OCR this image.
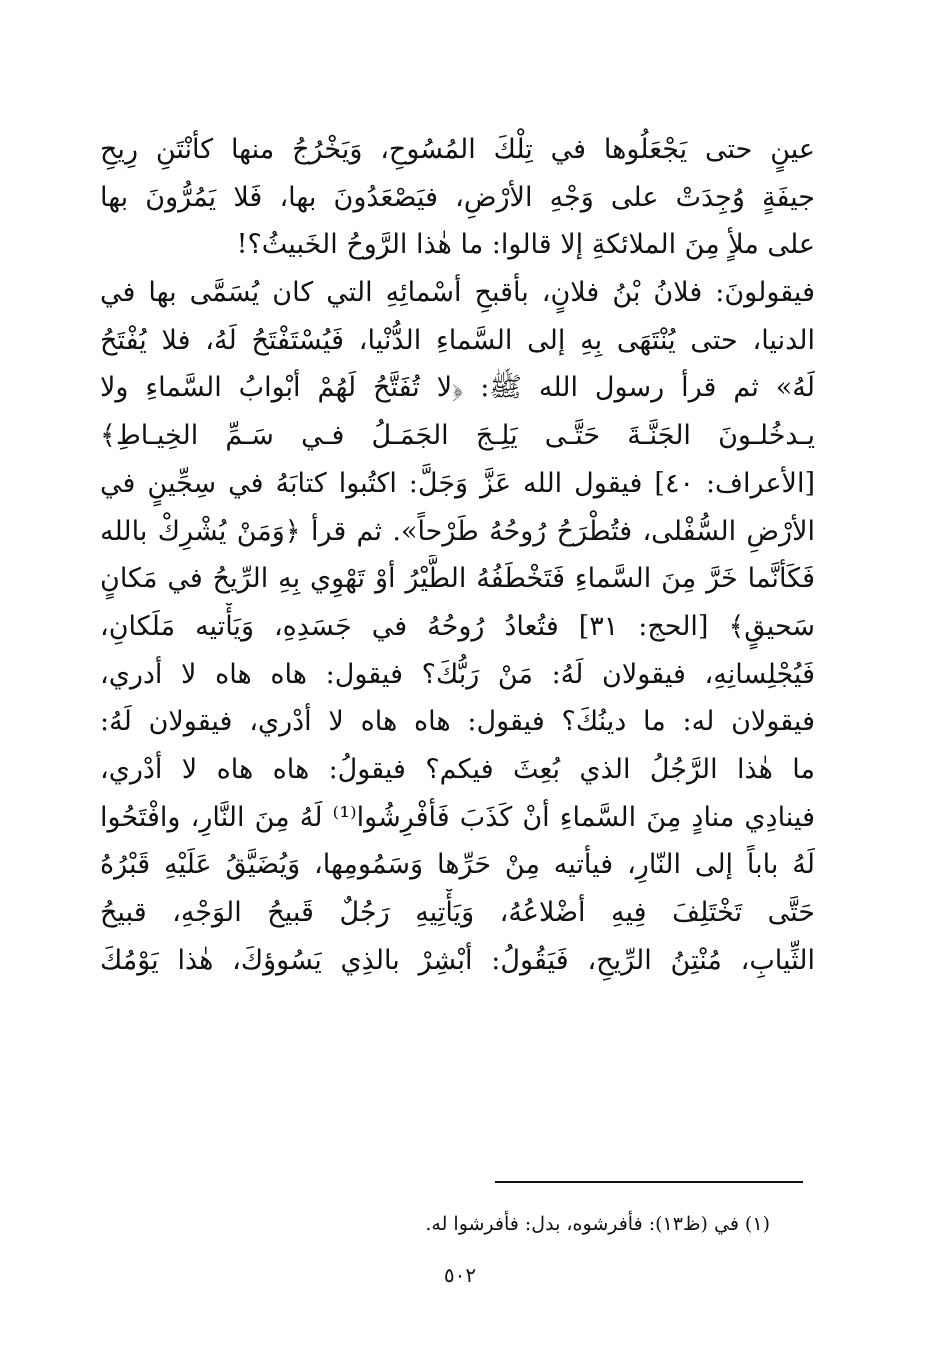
عينٍ حتى يَجْعَلُوها في تِلْكَ المُسُوحِ، وَيَخْرُجُ منها كأنْتَنِ رِيحِ
جيفَةٍ وُجِدَتْ على وَجْهِ الأرْضِ، فيَصْعَدُونَ بها، فَلا يَمُرُّونَ بها
على ملأٍ مِنَ الملائكةِ إلا قالوا: ما هٰذا الرَّوحُ الخَبيثُ؟!
فيقولونَ: فلانُ بْنُ فلانٍ، بأقبحِ أسْمائِهِ التي كان يُسَمَّى بها في
الدنيا، حتى يُنْتَهَى بِهِ إلى السَّماءِ الدُّنْيا، فَيُسْتَفْتَحُ لَهُ، فلا يُفْتَحُ
لَهُ» ثم قرأ رسول الله ﷺ: ﴿لا تُفَتَّحُ لَهُمْ أبْوابُ السَّماءِ ولا
يـدخُلـونَ الجَنَّـةَ حَتَّـى يَلِـجَ الجَمَـلُ فـي سَـمِّ الخِيـاطِ﴾
[الأعراف: ٤٠] فيقول الله عَزَّ وَجَلَّ: اكتُبوا كتابَهُ في سِجِّينٍ في
الأرْضِ السُّفْلى، فتُطْرَحُ رُوحُهُ طَرْحاً». ثم قرأ ﴿وَمَنْ يُشْرِكْ بالله
فَكَأنَّما خَرَّ مِنَ السَّماءِ فَتَخْطَفُهُ الطَّيْرُ أوْ تَهْوِي بِهِ الرِّيحُ في مَكانٍ
سَحيقٍ﴾ [الحج: ٣١] فتُعادُ رُوحُهُ في جَسَدِهِ، وَيَأْتيه مَلَكانِ،
فَيُجْلِسانِهِ، فيقولان لَهُ: مَنْ رَبُّكَ؟ فيقول: هاه هاه لا أدري،
فيقولان له: ما دينُكَ؟ فيقول: هاه هاه لا أدْري، فيقولان لَهُ:
ما هٰذا الرَّجُلُ الذي بُعِثَ فيكم؟ فيقولُ: هاه هاه لا أدْري،
فينادِي منادٍ مِنَ السَّماءِ أنْ كَذَبَ فَأفْرِشُوا⁽¹⁾ لَهُ مِنَ النَّارِ، وافْتَحُوا
لَهُ باباً إلى النّارِ، فيأتيه مِنْ حَرِّها وَسَمُومِها، وَيُضَيَّقُ عَلَيْهِ قَبْرُهُ
حَتَّى تَخْتَلِفَ فِيهِ أضْلاعُهُ، وَيَأْتِيهِ رَجُلٌ قَبيحُ الوَجْهِ، قبيحُ
الثِّيابِ، مُنْتِنُ الرِّيحِ، فَيَقُولُ: أبْشِرْ بالذِي يَسُوؤكَ، هٰذا يَوْمُكَ
(١) في (ظ١٣): فأفرشوه، بدل: فأفرشوا له.
٥٠٢
